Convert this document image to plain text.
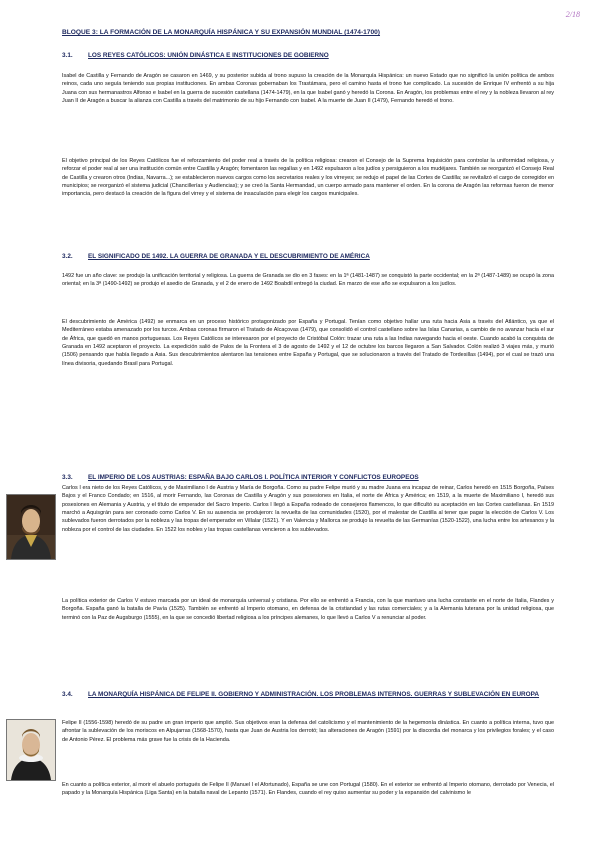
2/18
BLOQUE 3: LA FORMACIÓN DE LA MONARQUÍA HISPÁNICA Y SU EXPANSIÓN MUNDIAL (1474-1700)
3.1. LOS REYES CATÓLICOS: UNIÓN DINÁSTICA E INSTITUCIONES DE GOBIERNO

Isabel de Castilla y Fernando de Aragón se casaron en 1469, y su posterior subida al trono supuso la creación de la Monarquía Hispánica: un nuevo Estado que no significó la unión política de ambos reinos, cada uno seguía teniendo sus propias instituciones. En ambas Coronas gobernaban los Trastámara, pero el camino hasta el trono fue complicado. La sucesión de Enrique IV enfrentó a su hija Juana con sus hermanastros Alfonso e Isabel en la guerra de sucesión castellana (1474-1479), en la que Isabel ganó y heredó la Corona. En Aragón, los problemas entre el rey y la nobleza llevaron al rey Juan II de Aragón a buscar la alianza con Castilla a través del matrimonio de su hijo Fernando con Isabel. A la muerte de Juan II (1479), Fernando heredó el trono.

El objetivo principal de los Reyes Católicos fue el reforzamiento del poder real a través de la política religiosa: crearon el Consejo de la Suprema Inquisición para controlar la uniformidad religiosa, y reforzar el poder real al ser una institución común entre Castilla y Aragón; fomentaron las regalías y en 1492 expulsaron a los judíos y persiguieron a los mudéjares. También se reorganizó el Consejo Real de Castilla y crearon otros (Indias, Navarra...); se establecieron nuevos cargos como los secretarios reales y los virreyes; se redujo el papel de las Cortes de Castilla; se revitalizó el cargo de corregidor en municipios; se reorganizó el sistema judicial (Chancillerías y Audiencias); y se creó la Santa Hermandad, un cuerpo armado para mantener el orden. En la corona de Aragón las reformas fueron de menor importancia, pero destacó la creación de la figura del virrey y el sistema de insaculación para elegir los cargos municipales.

3.2. EL SIGNIFICADO DE 1492. LA GUERRA DE GRANADA Y EL DESCUBRIMIENTO DE AMÉRICA

1492 fue un año clave: se produjo la unificación territorial y religiosa. La guerra de Granada se dio en 3 fases: en la 1ª (1481-1487) se conquistó la parte occidental; en la 2ª (1487-1489) se ocupó la zona oriental; en la 3ª (1490-1492) se produjo el asedio de Granada, y el 2 de enero de 1492 Boabdil entregó la ciudad. En marzo de ese año se expulsaron a los judíos.

El descubrimiento de América (1492) se enmarca en un proceso histórico protagonizado por España y Portugal. Tenían como objetivo hallar una ruta hacia Asia a través del Atlántico, ya que el Mediterráneo estaba amenazado por los turcos. Ambas coronas firmaron el Tratado de Alcaçovas (1479), que consolidó el control castellano sobre las Islas Canarias, a cambio de no avanzar hacia el sur de África, que quedó en manos portuguesas. Los Reyes Católicos se interesaron por el proyecto de Cristóbal Colón: trazar una ruta a las Indias navegando hacia el oeste. Cuando acabó la conquista de Granada en 1492 aceptaron el proyecto. La expedición salió de Palos de la Frontera el 3 de agosto de 1492 y el 12 de octubre los barcos llegaron a San Salvador. Colón realizó 3 viajes más, y murió (1506) pensando que había llegado a Asia. Sus descubrimientos alentaron las tensiones entre España y Portugal, que se solucionaron a través del Tratado de Tordesillas (1494), por el cual se trazó una línea divisoria, quedando Brasil para Portugal.

3.3. EL IMPERIO DE LOS AUSTRIAS: ESPAÑA BAJO CARLOS I. POLÍTICA INTERIOR Y CONFLICTOS EUROPEOS

Carlos I era nieto de los Reyes Católicos, y de Maximiliano I de Austria y María de Borgoña. Como su padre Felipe murió y su madre Juana era incapaz de reinar, Carlos heredó en 1515 Borgoña, Países Bajos y el Franco Condado; en 1516, al morir Fernando, las Coronas de Castilla y Aragón y sus posesiones en Italia, el norte de África y América; en 1519, a la muerte de Maximiliano I, heredó sus posesiones en Alemania y Austria, y el título de emperador del Sacro Imperio. Carlos I llegó a España rodeado de consejeros flamencos, lo que dificultó su aceptación en las Cortes castellanas. En 1519 marchó a Aquisgrán para ser coronado como Carlos V. En su ausencia se produjeron: la revuelta de las comunidades (1520), por el malestar de Castilla al tener que pagar la elección de Carlos V. Los sublevados fueron derrotados por la nobleza y las tropas del emperador en Villalar (1521). Y en Valencia y Mallorca se produjo la revuelta de las Germanías (1520-1522), una lucha entre los artesanos y la nobleza por el control de las ciudades. En 1522 los nobles y las tropas castellanas vencieron a los sublevados.

La política exterior de Carlos V estuvo marcada por un ideal de monarquía universal y cristiana. Por ello se enfrentó a Francia, con la que mantuvo una lucha constante en el norte de Italia, Flandes y Borgoña. España ganó la batalla de Pavía (1525). También se enfrentó al Imperio otomano, en defensa de la cristiandad y las rutas comerciales; y a la Alemania luterana por la unidad religiosa, que terminó con la Paz de Augsburgo (1555), en la que se concedió libertad religiosa a los príncipes alemanes, lo que llevó a Carlos V a renunciar al poder.

3.4. LA MONARQUÍA HISPÁNICA DE FELIPE II. GOBIERNO Y ADMINISTRACIÓN. LOS PROBLEMAS INTERNOS. GUERRAS Y SUBLEVACIÓN EN EUROPA

Felipe II (1556-1598) heredó de su padre un gran imperio que amplió. Sus objetivos eran la defensa del catolicismo y el mantenimiento de la hegemonía dinástica. En cuanto a política interna, tuvo que afrontar la sublevación de los moriscos en Alpujarras (1568-1570), hasta que Juan de Austria los derrotó; las alteraciones de Aragón (1591) por la discordia del monarca y los privilegios forales; y el caso de Antonio Pérez. El problema más grave fue la crisis de la Hacienda.

En cuanto a política exterior, al morir el abuelo portugués de Felipe II (Manuel I el Afortunado), España se une con Portugal (1580). En el exterior se enfrentó al Imperio otomano, derrotado por Venecia, el papado y la Monarquía Hispánica (Liga Santa) en la batalla naval de Lepanto (1571). En Flandes, cuando el rey quiso aumentar su poder y la expansión del calvinismo le
